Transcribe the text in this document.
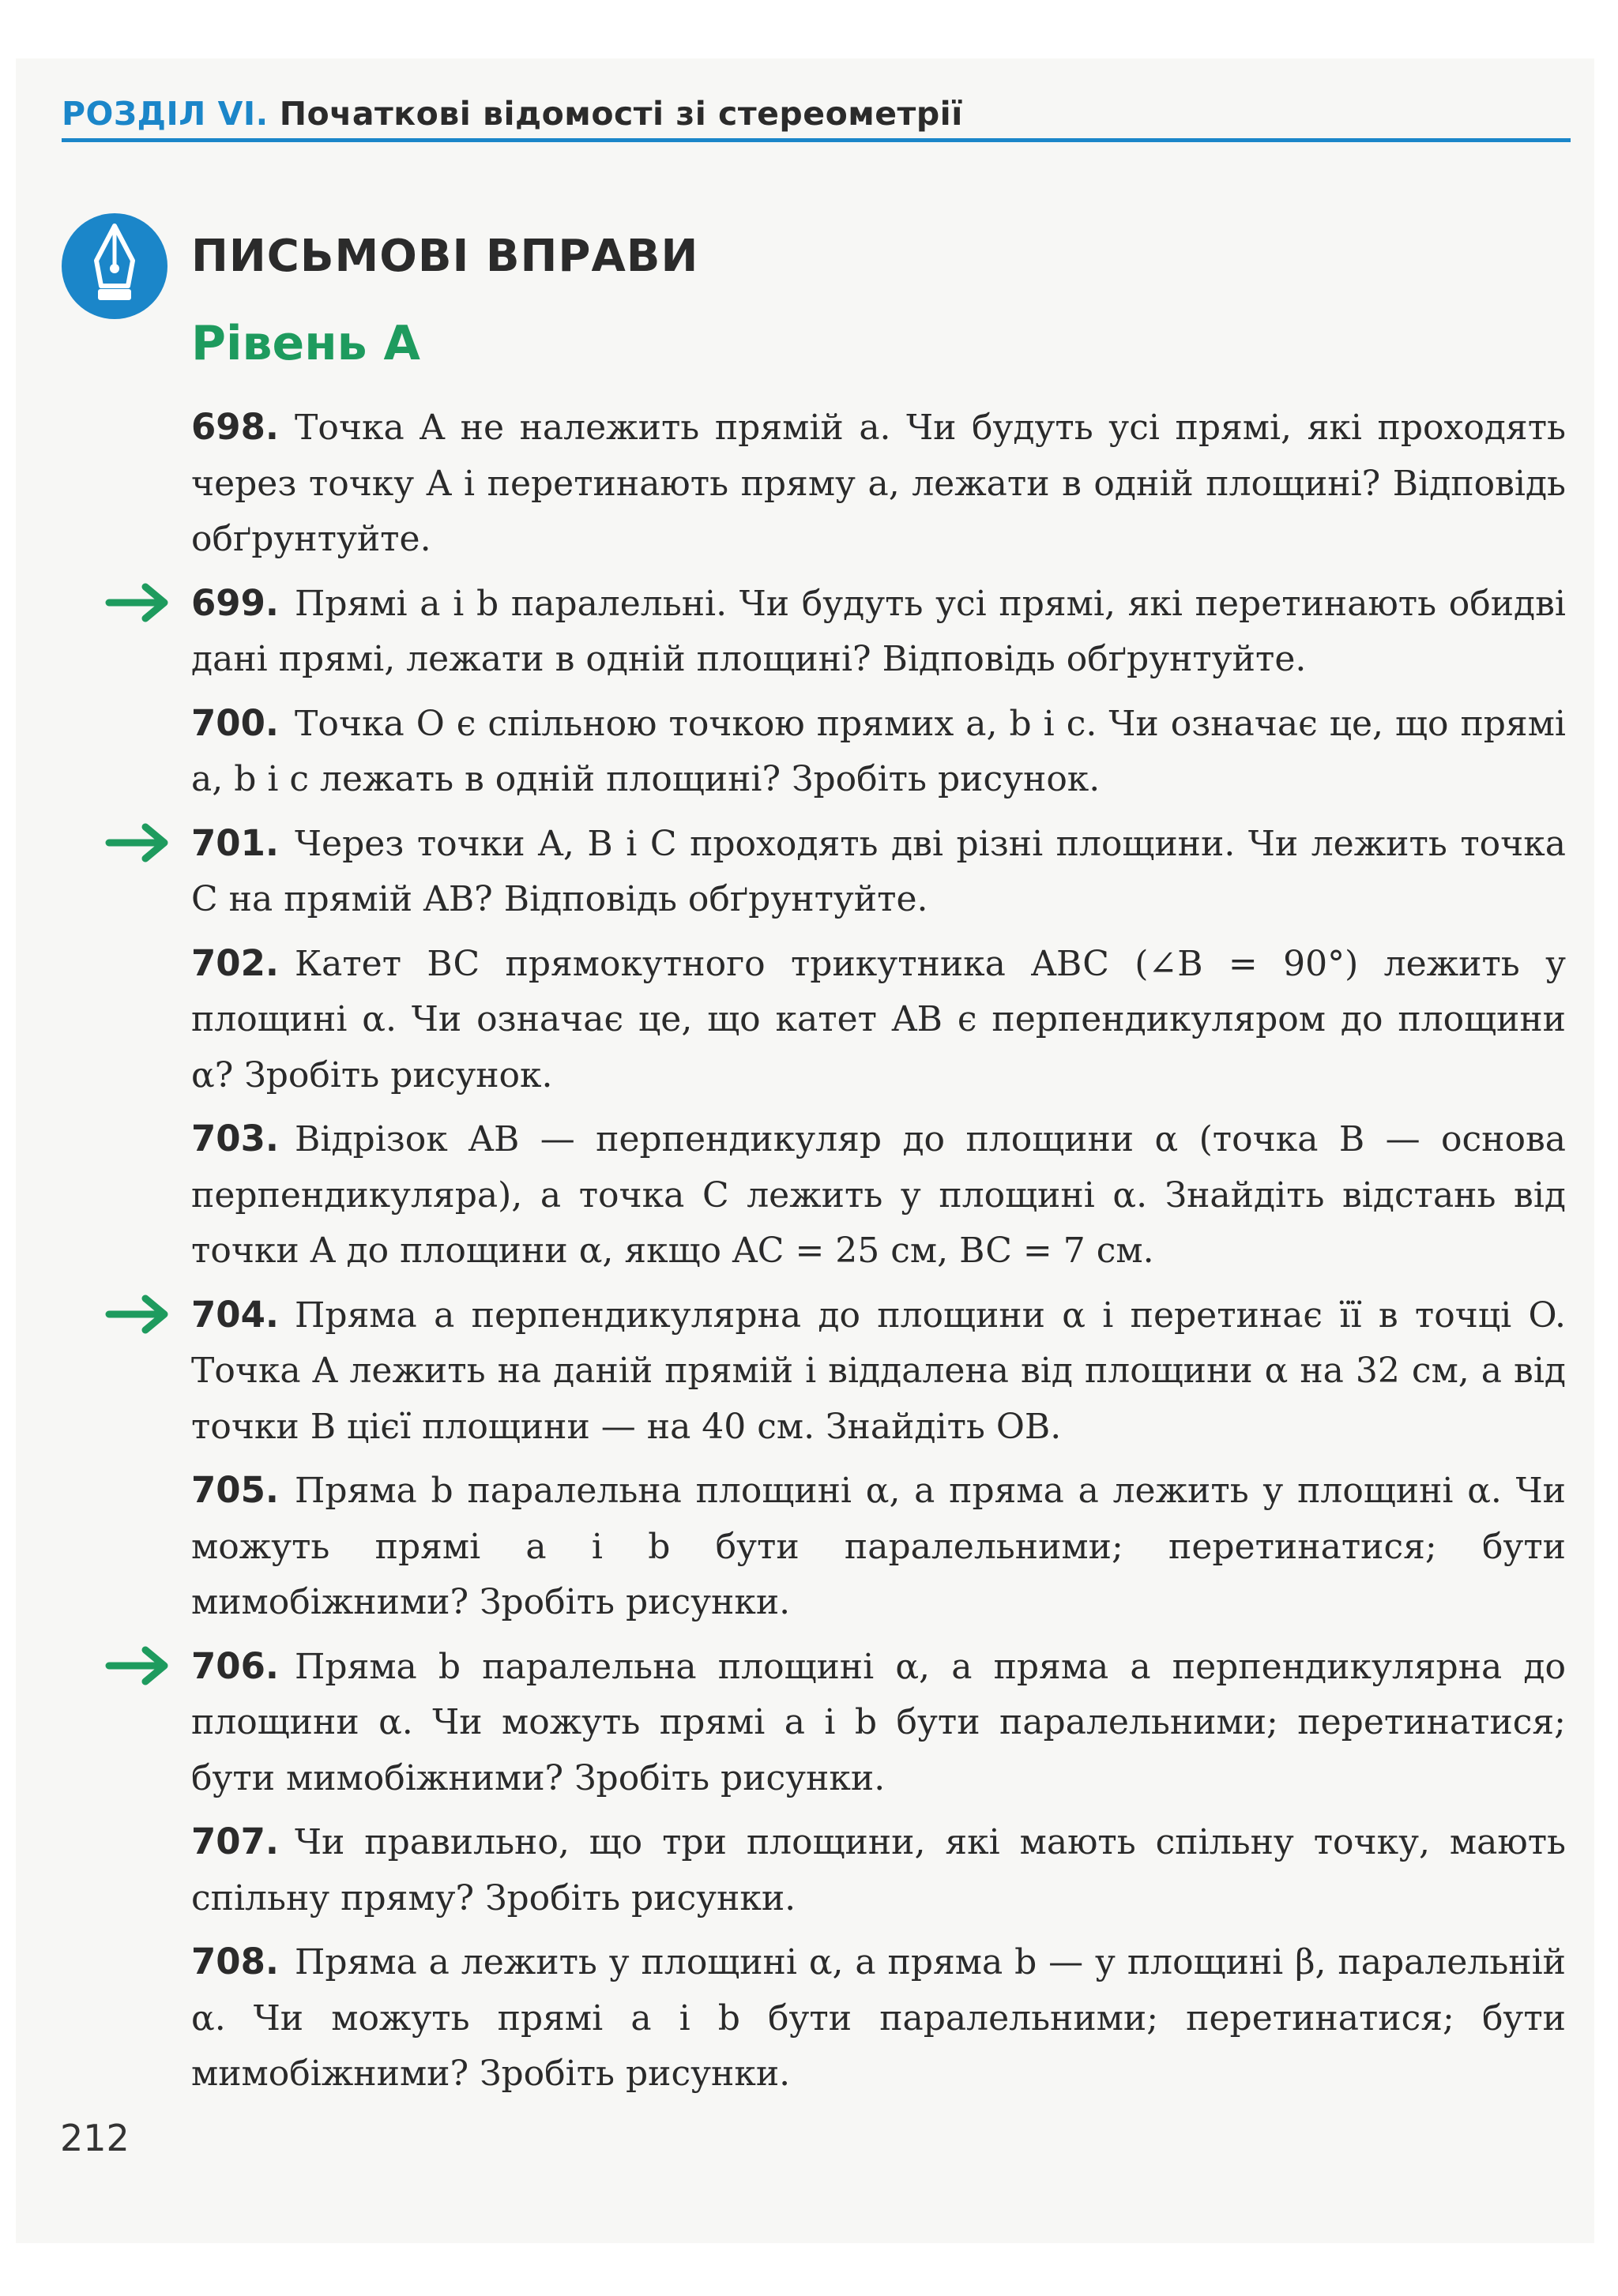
РОЗДІЛ VI. Початкові відомості зі стереометрії
ПИСЬМОВІ ВПРАВИ
Рівень А
698. Точка A не належить прямій a. Чи будуть усі прямі, які проходять через точку A і перетинають пряму a, лежати в одній площині? Відповідь обґрунтуйте.
699. Прямі a і b паралельні. Чи будуть усі прямі, які перетинають обидві дані прямі, лежати в одній площині? Відповідь обґрунтуйте.
700. Точка O є спільною точкою прямих a, b і c. Чи означає це, що прямі a, b і c лежать в одній площині? Зробіть рисунок.
701. Через точки A, B і C проходять дві різні площини. Чи лежить точка C на прямій AB? Відповідь обґрунтуйте.
702. Катет BC прямокутного трикутника ABC (∠B = 90°) лежить у площині α. Чи означає це, що катет AB є перпендикуляром до площини α? Зробіть рисунок.
703. Відрізок AB — перпендикуляр до площини α (точка B — основа перпендикуляра), а точка C лежить у площині α. Знайдіть відстань від точки A до площини α, якщо AC = 25 см, BC = 7 см.
704. Пряма a перпендикулярна до площини α і перетинає її в точці O. Точка A лежить на даній прямій і віддалена від площини α на 32 см, а від точки B цієї площини — на 40 см. Знайдіть OB.
705. Пряма b паралельна площині α, а пряма a лежить у площині α. Чи можуть прямі a і b бути паралельними; перетинатися; бути мимобіжними? Зробіть рисунки.
706. Пряма b паралельна площині α, а пряма a перпендикулярна до площини α. Чи можуть прямі a і b бути паралельними; перетинатися; бути мимобіжними? Зробіть рисунки.
707. Чи правильно, що три площини, які мають спільну точку, мають спільну пряму? Зробіть рисунки.
708. Пряма a лежить у площині α, а пряма b — у площині β, паралельній α. Чи можуть прямі a і b бути паралельними; перетинатися; бути мимобіжними? Зробіть рисунки.
212
